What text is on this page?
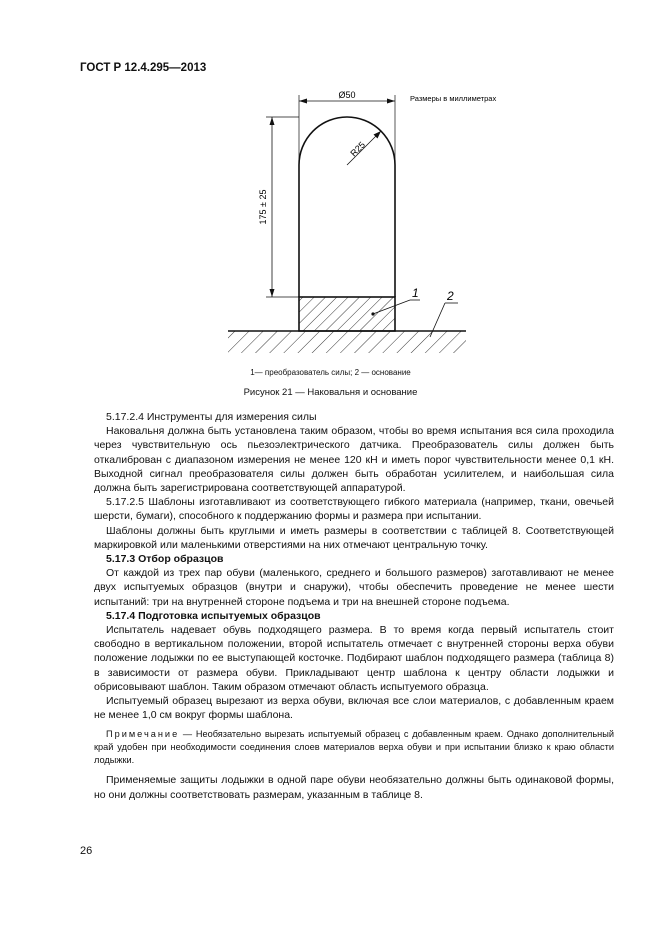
ГОСТ Р 12.4.295—2013
Ø50
R25
175 ± 25
1 2
Размеры в миллиметрах
1— преобразователь силы; 2 — основание
Рисунок 21 — Наковальня и основание

5.17.2.4 Инструменты для измерения силы

Наковальня должна быть установлена таким образом, чтобы во время испытания вся сила проходила через чувствительную ось пьезоэлектрического датчика. Преобразователь силы должен быть откалиброван с диапазоном измерения не менее 120 кН и иметь порог чувствительности менее 0,1 кН. Выходной сигнал преобразователя силы должен быть обработан усилителем, и наибольшая сила должна быть зарегистрирована соответствующей аппаратурой.

5.17.2.5 Шаблоны изготавливают из соответствующего гибкого материала (например, ткани, овечьей шерсти, бумаги), способного к поддержанию формы и размера при испытании.

Шаблоны должны быть круглыми и иметь размеры в соответствии с таблицей 8. Соответствующей маркировкой или маленькими отверстиями на них отмечают центральную точку.

5.17.3 Отбор образцов

От каждой из трех пар обуви (маленького, среднего и большого размеров) заготавливают не менее двух испытуемых образцов (внутри и снаружи), чтобы обеспечить проведение не менее шести испытаний: три на внутренней стороне подъема и три на внешней стороне подъема.

5.17.4 Подготовка испытуемых образцов

Испытатель надевает обувь подходящего размера. В то время когда первый испытатель стоит свободно в вертикальном положении, второй испытатель отмечает с внутренней стороны верха обуви положение лодыжки по ее выступающей косточке. Подбирают шаблон подходящего размера (таблица 8) в зависимости от размера обуви. Прикладывают центр шаблона к центру области лодыжки и обрисовывают шаблон. Таким образом отмечают область испытуемого образца.

Испытуемый образец вырезают из верха обуви, включая все слои материалов, с добавленным краем не менее 1,0 см вокруг формы шаблона.

Примечание — Необязательно вырезать испытуемый образец с добавленным краем. Однако дополнительный край удобен при необходимости соединения слоев материалов верха обуви и при испытании близко к краю области лодыжки.

Применяемые защиты лодыжки в одной паре обуви необязательно должны быть одинаковой формы, но они должны соответствовать размерам, указанным в таблице 8.

26
